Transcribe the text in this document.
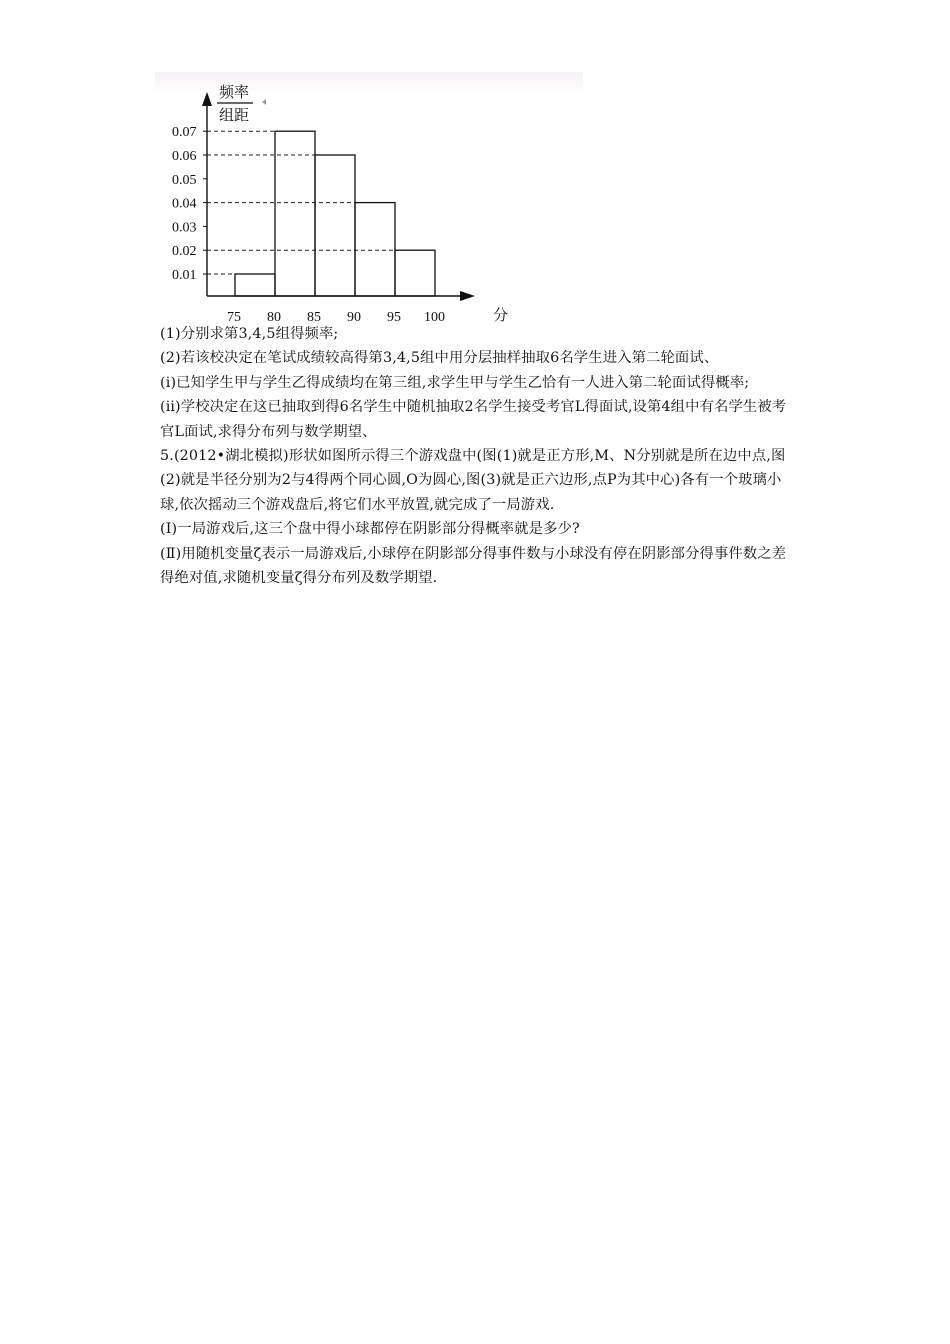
0.07
0.06
0.05
0.04
0.03
0.02
0.01
75 80 85 90 95 100
频率
组距
分

(1)分别求第3,4,5组得频率;

(2)若该校决定在笔试成绩较高得第3,4,5组中用分层抽样抽取6名学生进入第二轮面试、

(ⅰ)已知学生甲与学生乙得成绩均在第三组,求学生甲与学生乙恰有一人进入第二轮面试得概率;

(ⅱ)学校决定在这已抽取到得6名学生中随机抽取2名学生接受考官L得面试,设第4组中有名学生被考官L面试,求得分布列与数学期望、

5.(2012•湖北模拟)形状如图所示得三个游戏盘中(图(1)就是正方形,M、N分别就是所在边中点,图(2)就是半径分别为2与4得两个同心圆,O为圆心,图(3)就是正六边形,点P为其中心)各有一个玻璃小球,依次摇动三个游戏盘后,将它们水平放置,就完成了一局游戏.

(Ⅰ)一局游戏后,这三个盘中得小球都停在阴影部分得概率就是多少?

(Ⅱ)用随机变量ζ表示一局游戏后,小球停在阴影部分得事件数与小球没有停在阴影部分得事件数之差得绝对值,求随机变量ζ得分布列及数学期望.
